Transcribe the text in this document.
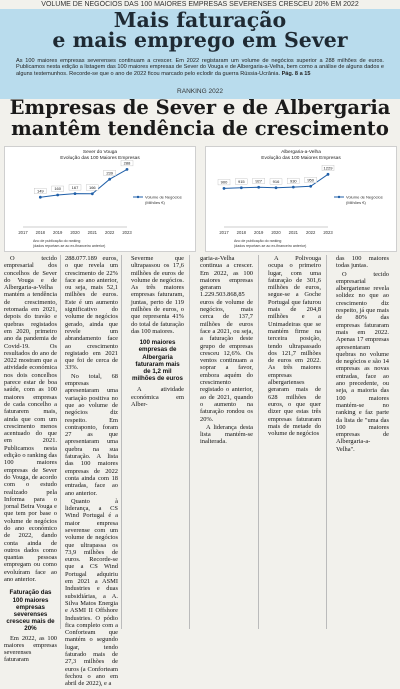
VOLUME DE NEGÓCIOS DAS 100 MAIORES EMPRESAS SEVERENSES CRESCEU 20% EM 2022
Mais faturação
e mais emprego em Sever

As 100 maiores empresas severenses continuam a crescer. Em 2022 registaram um volume de negócios superior a 288 milhões de euros. Publicamos nesta edição a listagem das 100 maiores empresas de Sever do Vouga e de Albergaria-a-Velha, bem como a análise de alguns dados e alguns testemunhos. Recorde-se que o ano de 2022 ficou marcado pelo eclodir da guerra Rússia-Ucrânia. Pág. 8 a 15

RANKING 2022
Empresas de Sever e de Albergaria
mantêm tendência de crescimento
2017 2018 2019 2020 2021 2022 2023
149	160	167	166
239
288
Volume de Negócios
(Milhões €)
Ano de publicação do ranking
(dados reportam-se ao ex-financeiro anterior)
Sever do Vouga
Evolução das 100 Maiores Empresas
2017 2018 2019 2020 2021 2022 2023
900	915	927	916	930	950
1229
Volume de Negócios
(Milhões €)
Ano de publicação do ranking
(dados reportam-se ao ex-financeiro anterior)
Albergaria-a-Velha
Evolução das 100 Maiores Empresas

O tecido empresarial dos concelhos de Sever do Vouga e de Albergaria-a-Velha mantém a tendência de crescimento, retomada em 2021, depois do travão e quebras registados em 2020, primeiro ano da pandemia de Covid-19. Os resultados do ano de 2022 mostram que a atividade económica nos dois concelhos parece estar de boa saúde, com as 100 maiores empresas de cada concelho a faturarem mais, ainda que com um crescimento menos acentuado do que em 2021. Publicamos nesta edição o ranking das 100 maiores empresas de Sever do Vouga, de acordo com o estudo realizado pela Informa para o jornal Beira Vouga e que tem por base o volume de negócios do ano económico de 2022, dando conta ainda de outros dados como quantas pessoas empregam ou como evoluíram face ao ano anterior.

Faturação das 100 maiores empresas severenses cresceu mais de 20%

Em 2022, as 100 maiores empresas severenses faturaram

288.077.189 euros, o que revela um crescimento de 22% face ao ano anterior, ou seja, mais 52,1 milhões de euros. Este é um aumento significativo do volume de negócios gerado, ainda que revele um abrandamento face ao crescimento registado em 2021 que foi de cerca de 33%.

No total, 68 empresas apresentaram uma variação positiva no que ao volume de negócios diz respeito. Em contraponto, foram 27 as que apresentaram uma quebra na sua faturação. A lista das 100 maiores empresas de 2022 conta ainda com 18 entradas, face ao ano anterior.

Quanto à liderança, a CS Wind Portugal é a maior empresa severense com um volume de negócios que ultrapassa os 73,9 milhões de euros. Recorde-se que a CS Wind Portugal adquiriu em 2021 a ASMI Industries e duas subsidiárias, a A. Silva Matos Energia e ASMI II Offshore Industries. O pódio fica completo com a Conforteam que mantém o segundo lugar, tendo faturado mais de 27,3 milhões de euros (a Conforteam fechou o ano em abril de 2022), e a

Severme que ultrapassou os 17,6 milhões de euros de volume de negócios. As três maiores empresas faturaram, juntas, perto de 119 milhões de euros, o que representa 41% do total de faturação das 100 maiores.

100 maiores empresas de Albergaria faturaram mais de 1,2 mil milhões de euros

A atividade económica em Alber-

garia-a-Velha continua a crescer. Em 2022, as 100 maiores empresas geraram 1.229.503.868,85 euros de volume de negócios, mais cerca de 137,7 milhões de euros face a 2021, ou seja, a faturação deste grupo de empresas cresceu 12,6%. Os ventos continuam a soprar a favor, embora aquém do crescimento registado o anterior, ao de 2021, quando o aumento na faturação rondou os 20%.

A liderança desta lista mantém-se inalterada.

A Polivouga ocupa o primeiro lugar, com uma faturação de 301,6 milhões de euros, segue-se a Goche Portugal que faturou mais de 204,8 milhões e a Unimadeiras que se mantém firme na terceira posição, tendo ultrapassado dos 121,7 milhões de euros em 2022. As três maiores empresas albergarienses geraram mais de 628 milhões de euros, o que quer dizer que estas três empresas faturaram mais de metade do volume de negócios

das 100 maiores todas juntas.

O tecido empresarial albergariense revela solidez no que ao crescimento diz respeito, já que mais de 80% das empresas faturaram mais em 2022. Apenas 17 empresas apresentaram quebras no volume de negócios e são 14 empresas as novas entradas, face ao ano precedente, ou seja, a maioria das 100 maiores mantém-se no ranking e faz parte da lista de "uma das 100 maiores empresas de Albergaria-a-Velha".
